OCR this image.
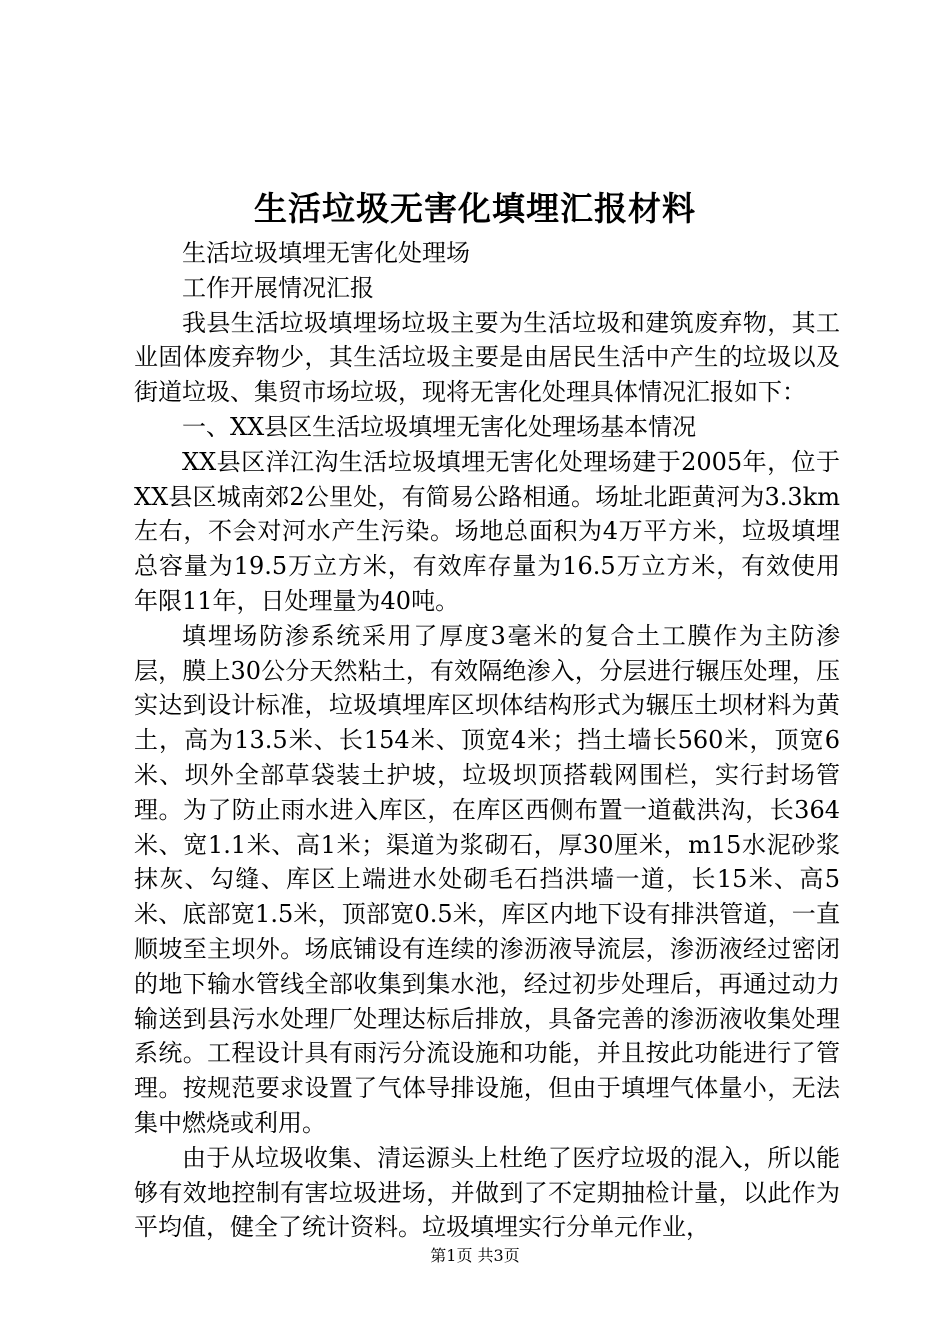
生活垃圾无害化填埋汇报材料

生活垃圾填埋无害化处理场

工作开展情况汇报

我县生活垃圾填埋场垃圾主要为生活垃圾和建筑废弃物，其工业固体废弃物少，其生活垃圾主要是由居民生活中产生的垃圾以及街道垃圾、集贸市场垃圾，现将无害化处理具体情况汇报如下：

一、XX县区生活垃圾填埋无害化处理场基本情况

XX县区洋江沟生活垃圾填埋无害化处理场建于2005年，位于XX县区城南郊2公里处，有简易公路相通。场址北距黄河为3.3km左右，不会对河水产生污染。场地总面积为4万平方米，垃圾填埋总容量为19.5万立方米，有效库存量为16.5万立方米，有效使用年限11年，日处理量为40吨。

填埋场防渗系统采用了厚度3毫米的复合土工膜作为主防渗层，膜上30公分天然粘土，有效隔绝渗入，分层进行辗压处理，压实达到设计标准，垃圾填埋库区坝体结构形式为辗压土坝材料为黄土，高为13.5米、长154米、顶宽4米；挡土墙长560米，顶宽6米、坝外全部草袋装土护坡，垃圾坝顶搭载网围栏，实行封场管理。为了防止雨水进入库区，在库区西侧布置一道截洪沟，长364米、宽1.1米、高1米；渠道为浆砌石，厚30厘米，m15水泥砂浆抹灰、勾缝、库区上端进水处砌毛石挡洪墙一道，长15米、高5米、底部宽1.5米，顶部宽0.5米，库区内地下设有排洪管道，一直顺坡至主坝外。场底铺设有连续的渗沥液导流层，渗沥液经过密闭的地下输水管线全部收集到集水池，经过初步处理后，再通过动力输送到县污水处理厂处理达标后排放，具备完善的渗沥液收集处理系统。工程设计具有雨污分流设施和功能，并且按此功能进行了管理。按规范要求设置了气体导排设施，但由于填埋气体量小，无法集中燃烧或利用。

由于从垃圾收集、清运源头上杜绝了医疗垃圾的混入，所以能够有效地控制有害垃圾进场，并做到了不定期抽检计量，以此作为平均值，健全了统计资料。垃圾填埋实行分单元作业，

第1页 共3页
